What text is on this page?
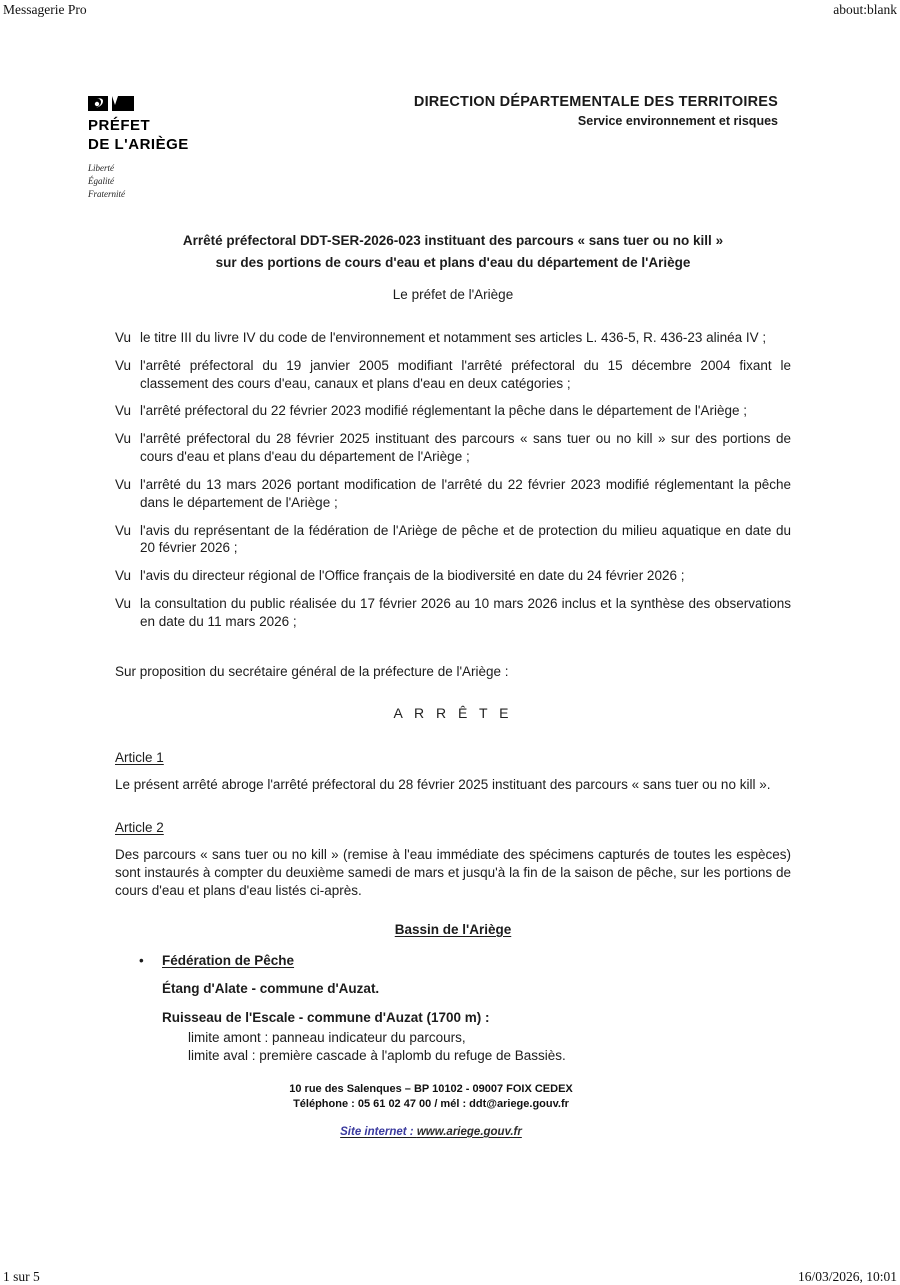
Messagerie Pro	about:blank
PRÉFET
DE L'ARIÈGE
Liberté
Égalité
Fraternité
DIRECTION DÉPARTEMENTALE DES TERRITOIRES
Service environnement et risques
Arrêté préfectoral DDT-SER-2026-023 instituant des parcours « sans tuer ou no kill »
sur des portions de cours d'eau et plans d'eau du département de l'Ariège
Le préfet de l'Ariège
Vu le titre III du livre IV du code de l'environnement et notamment ses articles L. 436-5, R. 436-23 alinéa IV ;
Vu l'arrêté préfectoral du 19 janvier 2005 modifiant l'arrêté préfectoral du 15 décembre 2004 fixant le classement des cours d'eau, canaux et plans d'eau en deux catégories ;
Vu l'arrêté préfectoral du 22 février 2023 modifié réglementant la pêche dans le département de l'Ariège ;
Vu l'arrêté préfectoral du 28 février 2025 instituant des parcours « sans tuer ou no kill » sur des portions de cours d'eau et plans d'eau du département de l'Ariège ;
Vu l'arrêté du 13 mars 2026 portant modification de l'arrêté du 22 février 2023 modifié réglementant la pêche dans le département de l'Ariège ;
Vu l'avis du représentant de la fédération de l'Ariège de pêche et de protection du milieu aquatique en date du 20 février 2026 ;
Vu l'avis du directeur régional de l'Office français de la biodiversité en date du 24 février 2026 ;
Vu la consultation du public réalisée du 17 février 2026 au 10 mars 2026 inclus et la synthèse des observations en date du 11 mars 2026 ;
Sur proposition du secrétaire général de la préfecture de l'Ariège :
A R R Ê T E
Article 1
Le présent arrêté abroge l'arrêté préfectoral du 28 février 2025 instituant des parcours « sans tuer ou no kill ».
Article 2
Des parcours « sans tuer ou no kill » (remise à l'eau immédiate des spécimens capturés de toutes les espèces) sont instaurés à compter du deuxième samedi de mars et jusqu'à la fin de la saison de pêche, sur les portions de cours d'eau et plans d'eau listés ci-après.
Bassin de l'Ariège
•	Fédération de Pêche
Étang d'Alate - commune d'Auzat.
Ruisseau de l'Escale - commune d'Auzat (1700 m) :
limite amont : panneau indicateur du parcours,
limite aval : première cascade à l'aplomb du refuge de Bassiès.
10 rue des Salenques – BP 10102 - 09007 FOIX CEDEX
Téléphone : 05 61 02 47 00 / mél : ddt@ariege.gouv.fr
Site internet : www.ariege.gouv.fr
1 sur 5	16/03/2026, 10:01
